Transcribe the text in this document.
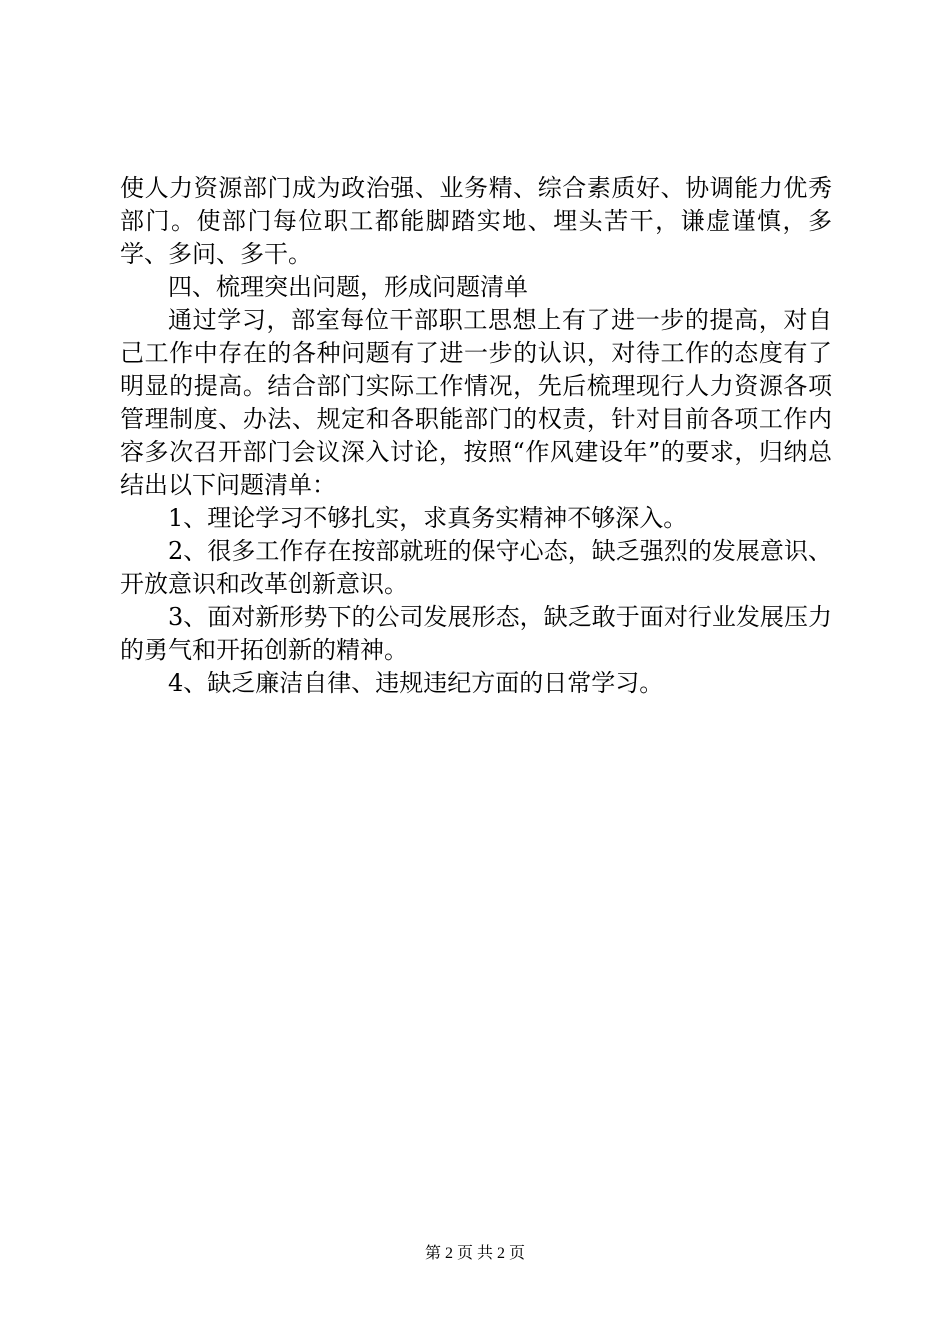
使人力资源部门成为政治强、业务精、综合素质好、协调能力优秀部门。使部门每位职工都能脚踏实地、埋头苦干，谦虚谨慎，多学、多问、多干。

四、梳理突出问题，形成问题清单

通过学习，部室每位干部职工思想上有了进一步的提高，对自己工作中存在的各种问题有了进一步的认识，对待工作的态度有了明显的提高。结合部门实际工作情况，先后梳理现行人力资源各项管理制度、办法、规定和各职能部门的权责，针对目前各项工作内容多次召开部门会议深入讨论，按照“作风建设年”的要求，归纳总结出以下问题清单：

1、理论学习不够扎实，求真务实精神不够深入。

2、很多工作存在按部就班的保守心态，缺乏强烈的发展意识、开放意识和改革创新意识。

3、面对新形势下的公司发展形态，缺乏敢于面对行业发展压力的勇气和开拓创新的精神。

4、缺乏廉洁自律、违规违纪方面的日常学习。

第 2 页 共 2 页
